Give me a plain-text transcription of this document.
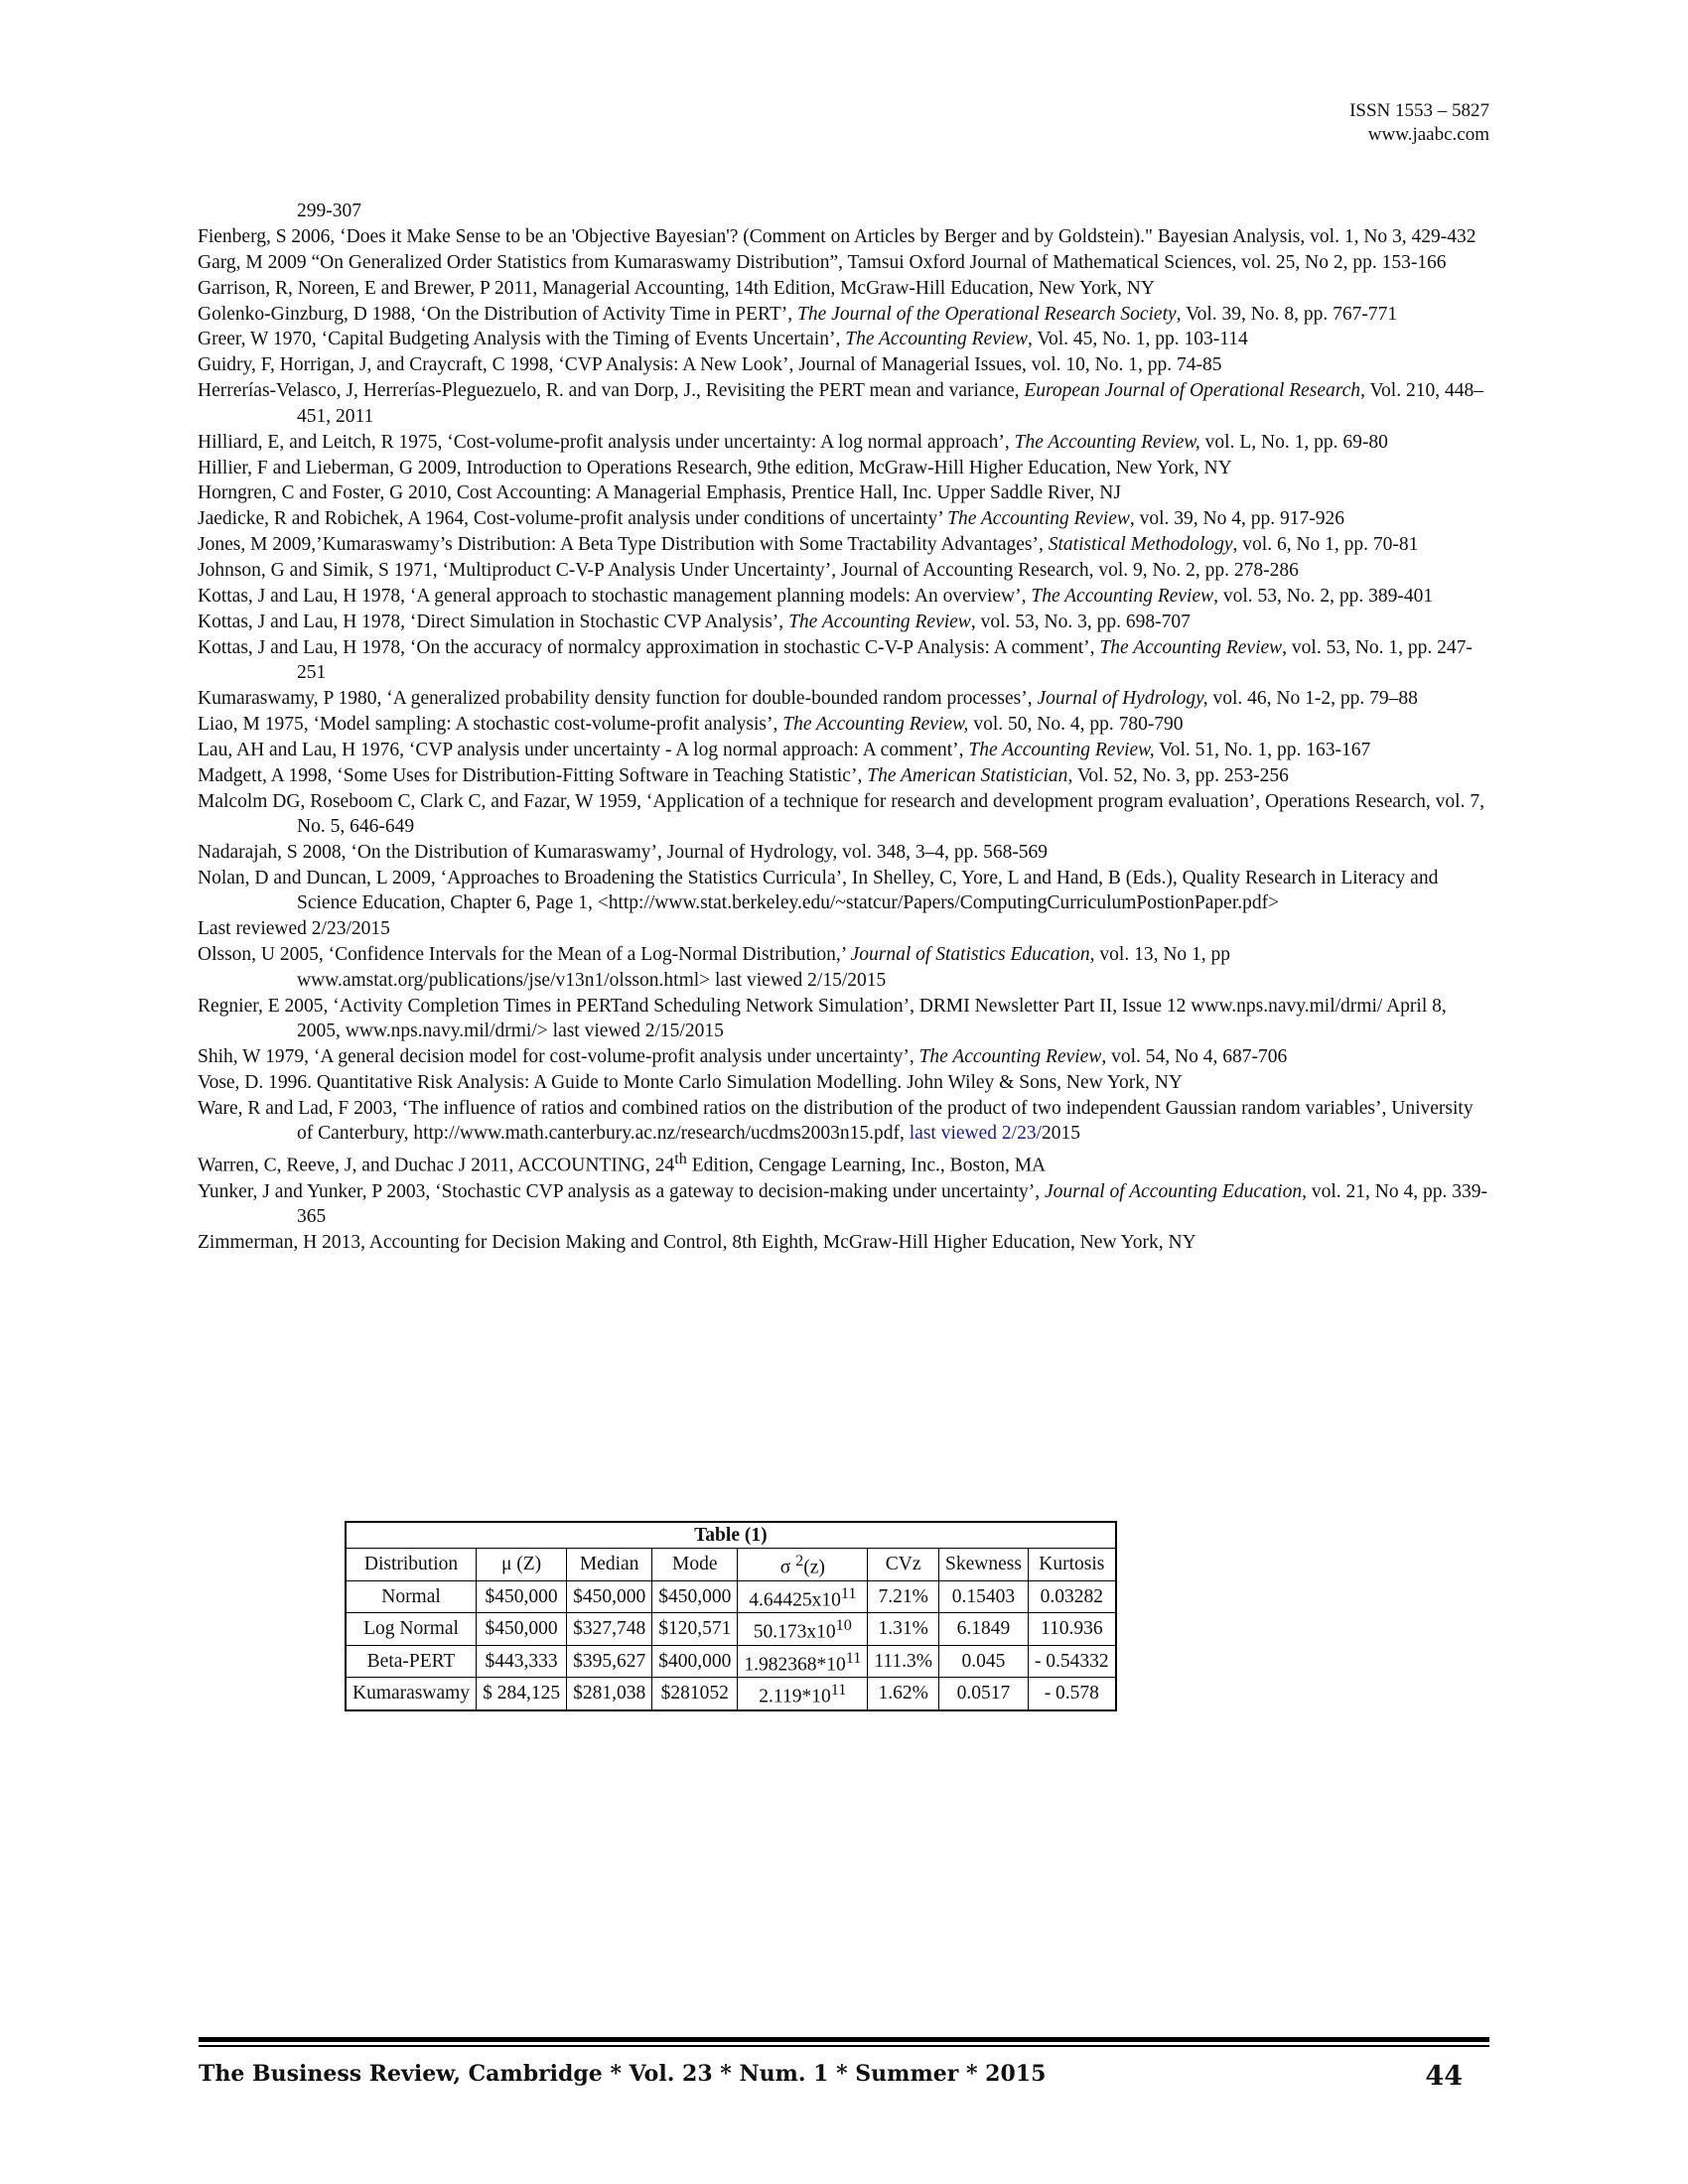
ISSN 1553 – 5827
www.jaabc.com
299-307
Fienberg, S 2006, ‘Does it Make Sense to be an 'Objective Bayesian'? (Comment on Articles by Berger and by Goldstein)." Bayesian Analysis, vol. 1, No 3, 429-432
Garg, M 2009 “On Generalized Order Statistics from Kumaraswamy Distribution”, Tamsui Oxford Journal of Mathematical Sciences, vol. 25, No 2, pp. 153-166
Garrison, R, Noreen, E and Brewer, P 2011, Managerial Accounting, 14th Edition, McGraw-Hill Education, New York, NY
Golenko-Ginzburg, D 1988, ‘On the Distribution of Activity Time in PERT’, The Journal of the Operational Research Society, Vol. 39, No. 8, pp. 767-771
Greer, W 1970, ‘Capital Budgeting Analysis with the Timing of Events Uncertain’, The Accounting Review, Vol. 45, No. 1, pp. 103-114
Guidry, F, Horrigan, J, and Craycraft, C 1998, ‘CVP Analysis: A New Look’, Journal of Managerial Issues, vol. 10, No. 1, pp. 74-85
Herrerías-Velasco, J, Herrerías-Pleguezuelo, R. and van Dorp, J., Revisiting the PERT mean and variance, European Journal of Operational Research, Vol. 210, 448–451, 2011
Hilliard, E, and Leitch, R 1975, ‘Cost-volume-profit analysis under uncertainty: A log normal approach’, The Accounting Review, vol. L, No. 1, pp. 69-80
Hillier, F and Lieberman, G 2009, Introduction to Operations Research, 9the edition, McGraw-Hill Higher Education, New York, NY
Horngren, C and Foster, G 2010, Cost Accounting: A Managerial Emphasis, Prentice Hall, Inc. Upper Saddle River, NJ
Jaedicke, R and Robichek, A 1964, Cost-volume-profit analysis under conditions of uncertainty’ The Accounting Review, vol. 39, No 4, pp. 917-926
Jones, M 2009,’Kumaraswamy’s Distribution: A Beta Type Distribution with Some Tractability Advantages’, Statistical Methodology, vol. 6, No 1, pp. 70-81
Johnson, G and Simik, S 1971, ‘Multiproduct C-V-P Analysis Under Uncertainty’, Journal of Accounting Research, vol. 9, No. 2, pp. 278-286
Kottas, J and Lau, H 1978, ‘A general approach to stochastic management planning models: An overview’, The Accounting Review, vol. 53, No. 2, pp. 389-401
Kottas, J and Lau, H 1978, ‘Direct Simulation in Stochastic CVP Analysis’, The Accounting Review, vol. 53, No. 3, pp. 698-707
Kottas, J and Lau, H 1978, ‘On the accuracy of normalcy approximation in stochastic C-V-P Analysis: A comment’, The Accounting Review, vol. 53, No. 1, pp. 247-251
Kumaraswamy, P 1980, ‘A generalized probability density function for double-bounded random processes’, Journal of Hydrology, vol. 46, No 1-2, pp. 79–88
Liao, M 1975, ‘Model sampling: A stochastic cost-volume-profit analysis’, The Accounting Review, vol. 50, No. 4, pp. 780-790
Lau, AH and Lau, H 1976, ‘CVP analysis under uncertainty - A log normal approach: A comment’, The Accounting Review, Vol. 51, No. 1, pp. 163-167
Madgett, A 1998, ‘Some Uses for Distribution-Fitting Software in Teaching Statistic’, The American Statistician, Vol. 52, No. 3, pp. 253-256
Malcolm DG, Roseboom C, Clark C, and Fazar, W 1959, ‘Application of a technique for research and development program evaluation’, Operations Research, vol. 7, No. 5, 646-649
Nadarajah, S 2008, ‘On the Distribution of Kumaraswamy’, Journal of Hydrology, vol. 348, 3–4, pp. 568-569
Nolan, D and Duncan, L 2009, ‘Approaches to Broadening the Statistics Curricula’, In Shelley, C, Yore, L and Hand, B (Eds.), Quality Research in Literacy and Science Education, Chapter 6, Page 1, <http://www.stat.berkeley.edu/~statcur/Papers/ComputingCurriculumPostionPaper.pdf>
Last reviewed 2/23/2015
Olsson, U 2005, ‘Confidence Intervals for the Mean of a Log-Normal Distribution,’ Journal of Statistics Education, vol. 13, No 1, pp www.amstat.org/publications/jse/v13n1/olsson.html> last viewed 2/15/2015
Regnier, E 2005, ‘Activity Completion Times in PERTand Scheduling Network Simulation’, DRMI Newsletter Part II, Issue 12 www.nps.navy.mil/drmi/ April 8, 2005, www.nps.navy.mil/drmi/> last viewed 2/15/2015
Shih, W 1979, ‘A general decision model for cost-volume-profit analysis under uncertainty’, The Accounting Review, vol. 54, No 4, 687-706
Vose, D. 1996. Quantitative Risk Analysis: A Guide to Monte Carlo Simulation Modelling. John Wiley & Sons, New York, NY
Ware, R and Lad, F 2003, ‘The influence of ratios and combined ratios on the distribution of the product of two independent Gaussian random variables’, University of Canterbury, http://www.math.canterbury.ac.nz/research/ucdms2003n15.pdf, last viewed 2/23/2015
Warren, C, Reeve, J, and Duchac J 2011, ACCOUNTING, 24th Edition, Cengage Learning, Inc., Boston, MA
Yunker, J and Yunker, P 2003, ‘Stochastic CVP analysis as a gateway to decision-making under uncertainty’, Journal of Accounting Education, vol. 21, No 4, pp. 339-365
Zimmerman, H 2013, Accounting for Decision Making and Control, 8th Eighth, McGraw-Hill Higher Education, New York, NY
Table (1)							
Distribution	μ (Z)	Median	Mode	σ $^2$(z)	CVz	Skewness	Kurtosis
Normal	$450,000	$450,000	$450,000	$4.64425x10^{11}$	7.21%	0.15403	0.03282
Log Normal	$450,000	$327,748	$120,571	$50.173x10^{10}$	1.31%	6.1849	110.936
Beta-PERT	$443,333	$395,627	$400,000	$1.982368*10^{11}$	111.3%	0.045	- 0.54332
Kumaraswamy	$ 284,125	$281,038	$281052	$2.119*10^{11}$	1.62%	0.0517	- 0.578
The Business Review, Cambridge * Vol. 23 * Num. 1 * Summer * 2015	44
